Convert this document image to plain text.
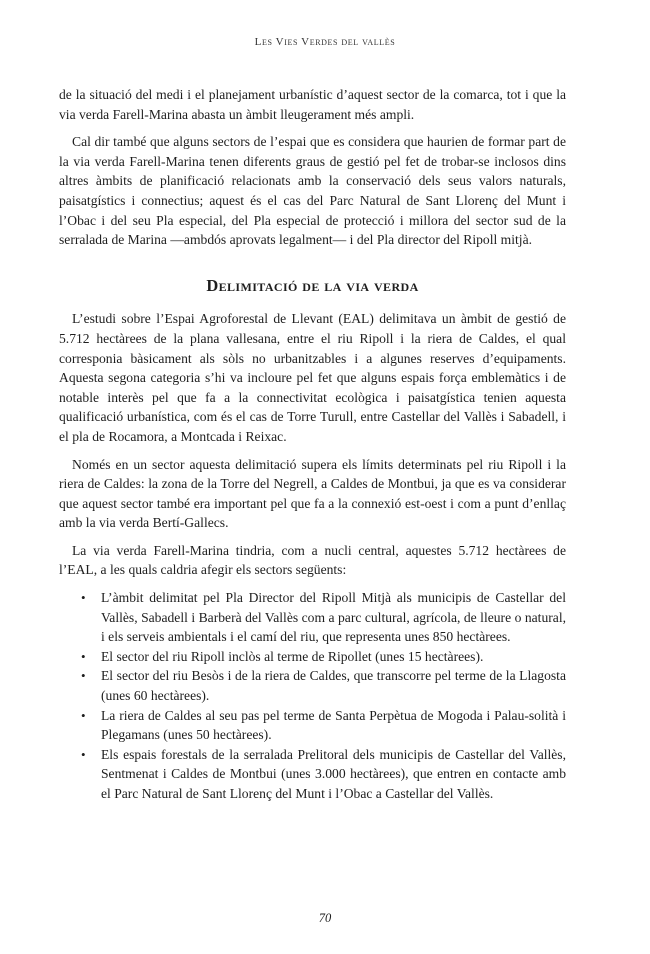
Les Vies Verdes del vallès

de la situació del medi i el planejament urbanístic d’aquest sector de la comarca, tot i que la via verda Farell-Marina abasta un àmbit lleugerament més ampli.

Cal dir també que alguns sectors de l’espai que es considera que haurien de formar part de la via verda Farell-Marina tenen diferents graus de gestió pel fet de trobar-se inclosos dins altres àmbits de planificació relacionats amb la conservació dels seus valors naturals, paisatgístics i connectius; aquest és el cas del Parc Natural de Sant Llorenç del Munt i l’Obac i del seu Pla especial, del Pla especial de protecció i millora del sector sud de la serralada de Marina —ambdós aprovats legalment— i del Pla director del Ripoll mitjà.

Delimitació de la via verda

L’estudi sobre l’Espai Agroforestal de Llevant (EAL) delimitava un àmbit de gestió de 5.712 hectàrees de la plana vallesana, entre el riu Ripoll i la riera de Caldes, el qual corresponia bàsicament als sòls no urbanitzables i a algunes reserves d’equipaments. Aquesta segona categoria s’hi va incloure pel fet que alguns espais força emblemàtics i de notable interès pel que fa a la connectivitat ecològica i paisatgística tenien aquesta qualificació urbanística, com és el cas de Torre Turull, entre Castellar del Vallès i Sabadell, i el pla de Rocamora, a Montcada i Reixac.

Només en un sector aquesta delimitació supera els límits determinats pel riu Ripoll i la riera de Caldes: la zona de la Torre del Negrell, a Caldes de Montbui, ja que es va considerar que aquest sector també era important pel que fa a la connexió est-oest i com a punt d’enllaç amb la via verda Bertí-Gallecs.

La via verda Farell-Marina tindria, com a nucli central, aquestes 5.712 hectàrees de l’EAL, a les quals caldria afegir els sectors següents:

• L’àmbit delimitat pel Pla Director del Ripoll Mitjà als municipis de Castellar del Vallès, Sabadell i Barberà del Vallès com a parc cultural, agrícola, de lleure o natural, i els serveis ambientals i el camí del riu, que representa unes 850 hectàrees.
• El sector del riu Ripoll inclòs al terme de Ripollet (unes 15 hectàrees).
• El sector del riu Besòs i de la riera de Caldes, que transcorre pel terme de la Llagosta (unes 60 hectàrees).
• La riera de Caldes al seu pas pel terme de Santa Perpètua de Mogoda i Palau-solità i Plegamans (unes 50 hectàrees).
• Els espais forestals de la serralada Prelitoral dels municipis de Castellar del Vallès, Sentmenat i Caldes de Montbui (unes 3.000 hectàrees), que entren en contacte amb el Parc Natural de Sant Llorenç del Munt i l’Obac a Castellar del Vallès.
70
